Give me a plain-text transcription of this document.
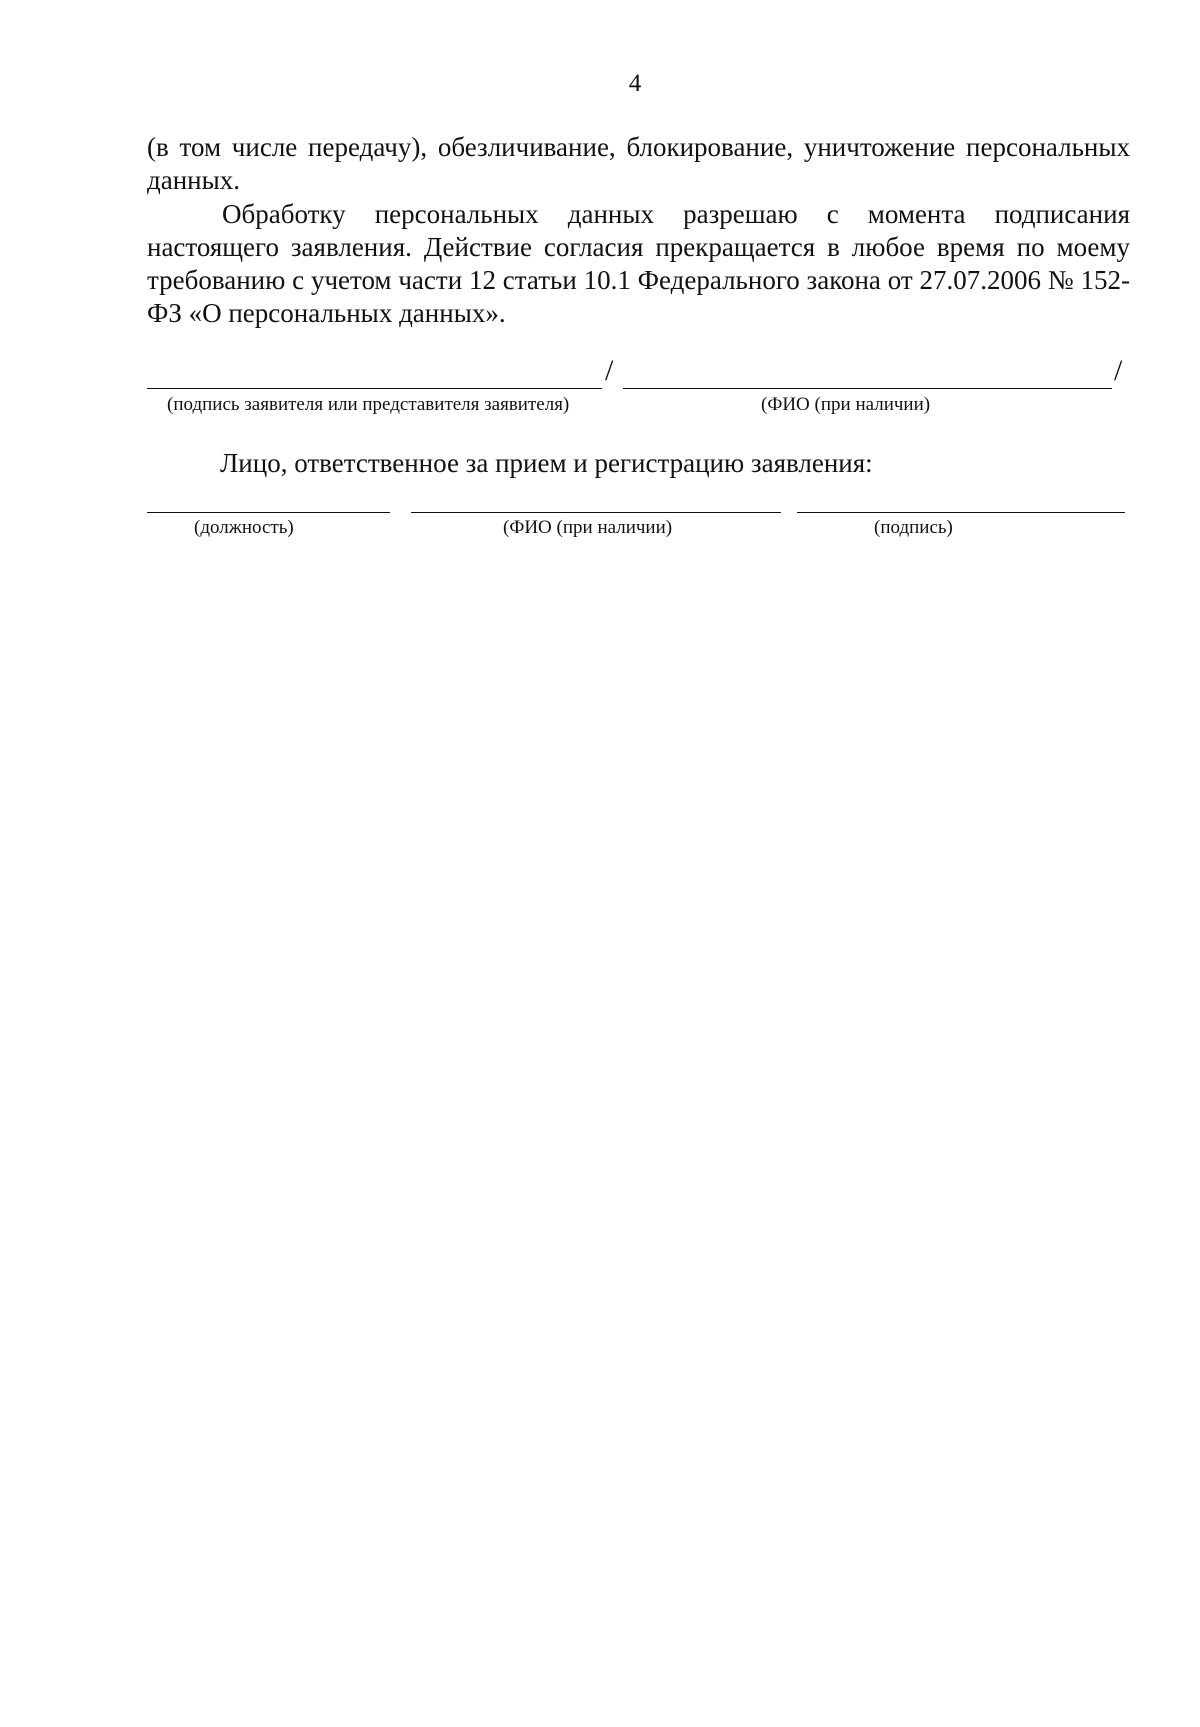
4
(в том числе передачу), обезличивание, блокирование, уничтожение персональных данных.
Обработку персональных данных разрешаю с момента подписания настоящего заявления. Действие согласия прекращается в любое время по моему требованию с учетом части 12 статьи 10.1 Федерального закона от 27.07.2006 № 152-ФЗ «О персональных данных».
/	/
(подпись заявителя или представителя заявителя)	(ФИО (при наличии)
Лицо, ответственное за прием и регистрацию заявления:
(должность)	(ФИО (при наличии)	(подпись)
